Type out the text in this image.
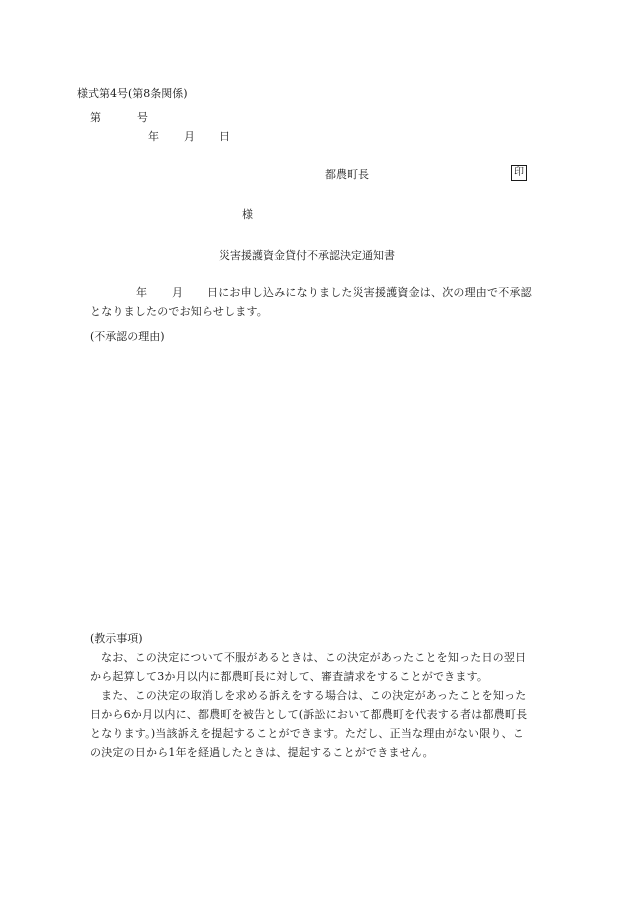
様式第4号(第8条関係)
第	号
年 月 日
都農町長	印
様
災害援護資金貸付不承認決定通知書
年 月 日にお申し込みになりました災害援護資金は、次の理由で不承認
となりましたのでお知らせします。
(不承認の理由)
(教示事項)
なお、この決定について不服があるときは、この決定があったことを知った日の翌日
から起算して3か月以内に都農町長に対して、審査請求をすることができます。
また、この決定の取消しを求める訴えをする場合は、この決定があったことを知った
日から6か月以内に、都農町を被告として(訴訟において都農町を代表する者は都農町長
となります。)当該訴えを提起することができます。ただし、正当な理由がない限り、こ
の決定の日から1年を経過したときは、提起することができません。
